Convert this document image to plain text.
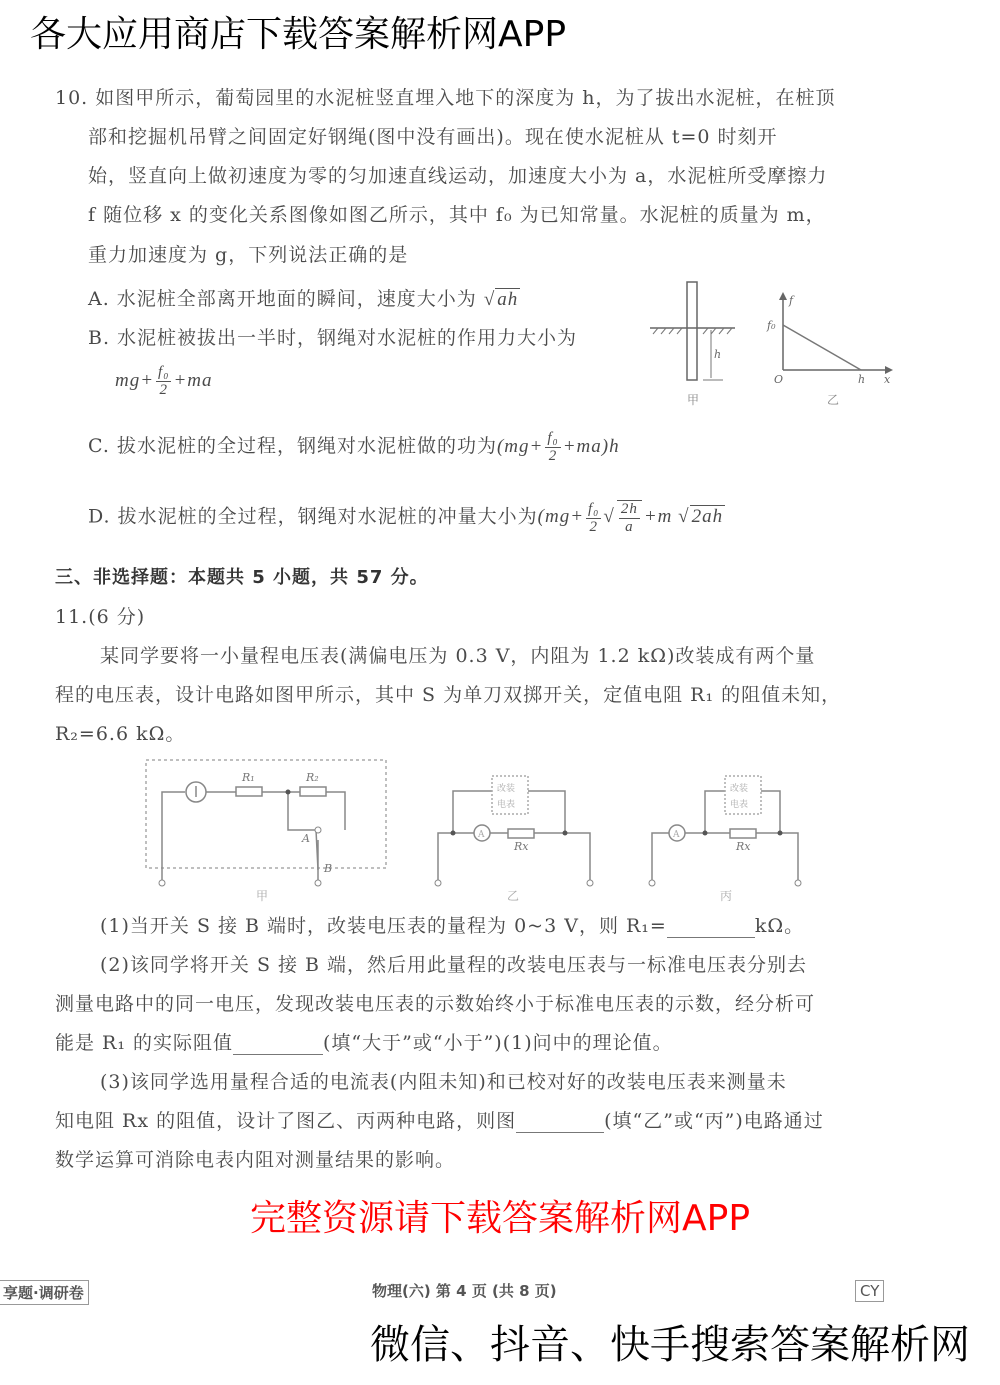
10. 如图甲所示，葡萄园里的水泥桩竖直埋入地下的深度为 h，为了拔出水泥桩，在桩顶
部和挖掘机吊臂之间固定好钢绳(图中没有画出)。现在使水泥桩从 t=0 时刻开
始，竖直向上做初速度为零的匀加速直线运动，加速度大小为 a，水泥桩所受摩擦力
f 随位移 x 的变化关系图像如图乙所示，其中 f₀ 为已知常量。水泥桩的质量为 m，
重力加速度为 g，下列说法正确的是
A. 水泥桩全部离开地面的瞬间，速度大小为 √ ah
B. 水泥桩被拔出一半时，钢绳对水泥桩的作用力大小为
$mg+ \frac{\text{f₀}}{2} +ma$
C. 拔水泥桩的全过程，钢绳对水泥桩做的功为$(mg+ \frac{\text{f₀}}{2} +ma)h$
D. 拔水泥桩的全过程，钢绳对水泥桩的冲量大小为($mg+ \frac{\text{f₀}}{2}$ √ $\frac{2h}{a} +m$ √ 2ah
h
甲
f
f₀
O	h x
乙
三、非选择题：本题共 5 小题，共 57 分。
11.(6 分)
某同学要将一小量程电压表(满偏电压为 0.3 V，内阻为 1.2 kΩ)改装成有两个量
程的电压表，设计电路如图甲所示，其中 S 为单刀双掷开关，定值电阻 R₁ 的阻值未知，
R₂=6.6 kΩ。
R₁	R₂
A
B
Rx	Rx
A	A
改装
电表
改装
电表
甲	乙	丙
(1)当开关 S 接 B 端时，改装电压表的量程为 0~3 V，则 R₁=	kΩ。
(2)该同学将开关 S 接 B 端，然后用此量程的改装电压表与一标准电压表分别去
测量电路中的同一电压，发现改装电压表的示数始终小于标准电压表的示数，经分析可
能是 R₁ 的实际阻值	(填“大于”或“小于”)(1)问中的理论值。
(3)该同学选用量程合适的电流表(内阻未知)和已校对好的改装电压表来测量未
知电阻 Rx 的阻值，设计了图乙、丙两种电路，则图	(填“乙”或“丙”)电路通过
数学运算可消除电表内阻对测量结果的影响。
享题·调研卷	物理(六) 第 4 页 (共 8 页)	CY
各大应用商店下载答案解析网APP
完整资源请下载答案解析网APP
微信、抖音、快手搜索答案解析网
